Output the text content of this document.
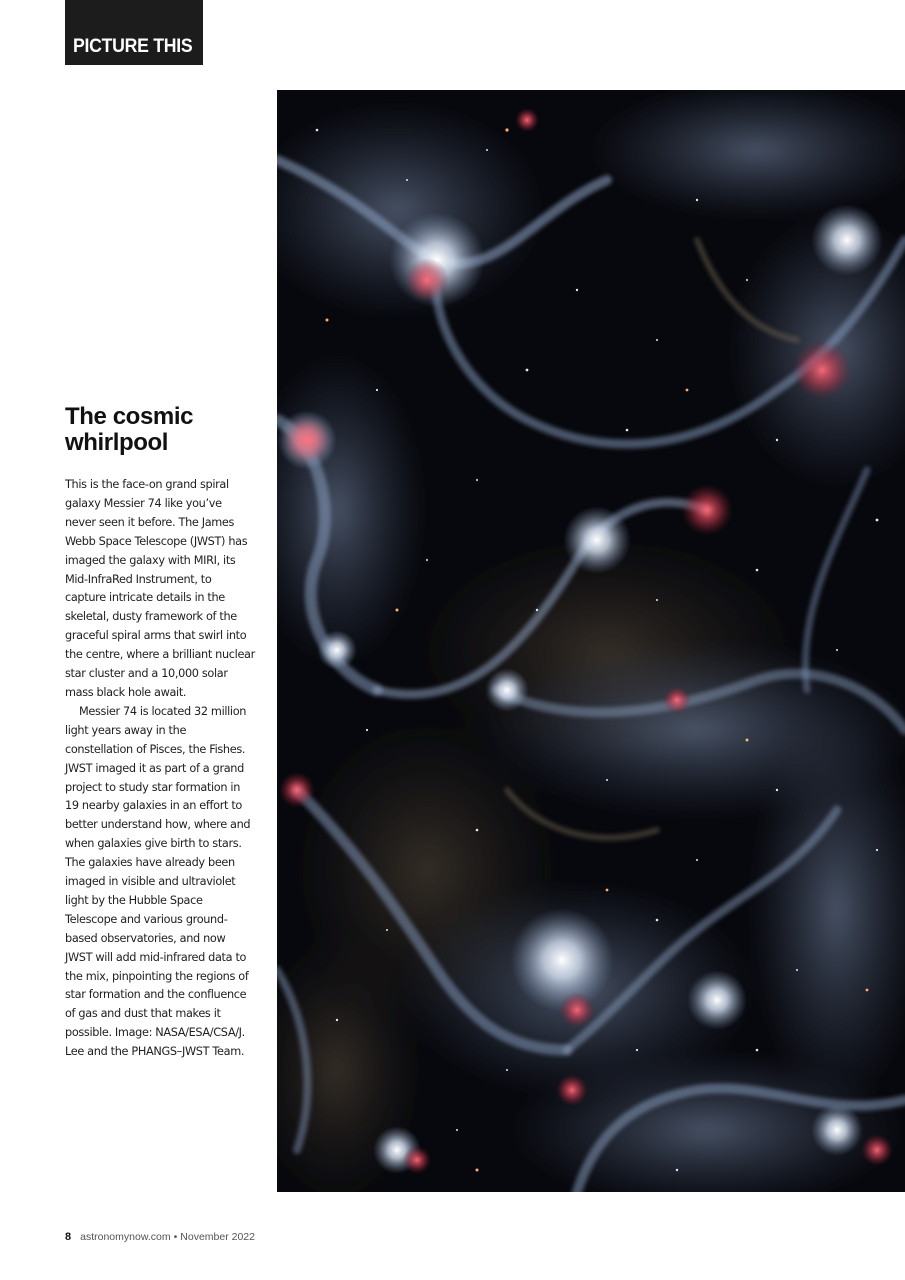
PICTURE THIS
The cosmic
whirlpool

This is the face-on grand spiral galaxy Messier 74 like you’ve never seen it before. The James Webb Space Telescope (JWST) has imaged the galaxy with MIRI, its Mid-InfraRed Instrument, to capture intricate details in the skeletal, dusty framework of the graceful spiral arms that swirl into the centre, where a brilliant nuclear star cluster and a 10,000 solar mass black hole await.

Messier 74 is located 32 million light years away in the constellation of Pisces, the Fishes. JWST imaged it as part of a grand project to study star formation in 19 nearby galaxies in an effort to better understand how, where and when galaxies give birth to stars. The galaxies have already been imaged in visible and ultraviolet light by the Hubble Space Telescope and various ground-based observatories, and now JWST will add mid-infrared data to the mix, pinpointing the regions of star formation and the confluence of gas and dust that makes it possible. Image: NASA/ESA/CSA/J. Lee and the PHANGS–JWST Team.

8 astronomynow.com • November 2022
